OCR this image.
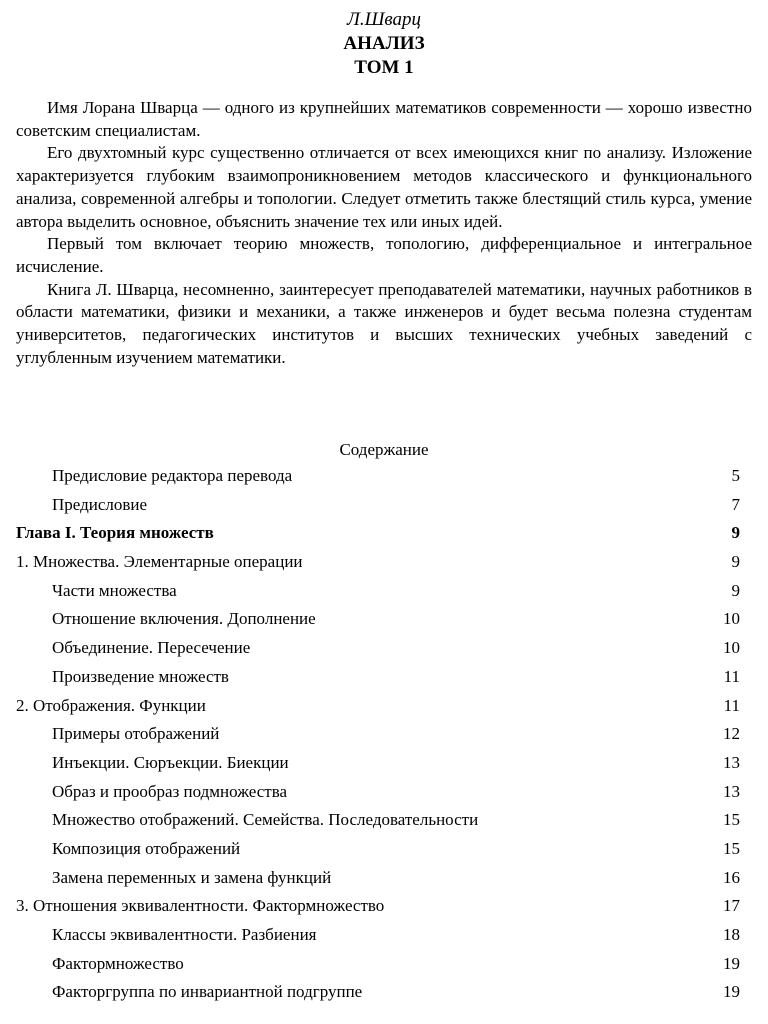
Л.Шварц
АНАЛИЗ
ТОМ 1

Имя Лорана Шварца — одного из крупнейших математиков современности — хорошо известно советским специалистам.

Его двухтомный курс существенно отличается от всех имеющихся книг по анализу. Изложение характеризуется глубоким взаимопроникновением методов классического и функционального анализа, современной алгебры и топологии. Следует отметить также блестящий стиль курса, умение автора выделить основное, объяснить значение тех или иных идей.

Первый том включает теорию множеств, топологию, дифференциальное и интегральное исчисление.

Книга Л. Шварца, несомненно, заинтересует преподавателей математики, научных работников в области математики, физики и механики, а также инженеров и будет весьма полезна студентам университетов, педагогических институтов и высших технических учебных заведений с углубленным изучением математики.

Содержание
Предисловие редактора перевода	5
Предисловие	7
Глава I. Теория множеств	9
1. Множества. Элементарные операции	9
Части множества	9
Отношение включения. Дополнение	10
Объединение. Пересечение	10
Произведение множеств	11
2. Отображения. Функции	11
Примеры отображений	12
Инъекции. Сюръекции. Биекции	13
Образ и прообраз подмножества	13
Множество отображений. Семейства. Последовательности	15
Композиция отображений	15
Замена переменных и замена функций	16
3. Отношения эквивалентности. Фактормножество	17
Классы эквивалентности. Разбиения	18
Фактормножество	19
Факторгруппа по инвариантной подгруппе	19
